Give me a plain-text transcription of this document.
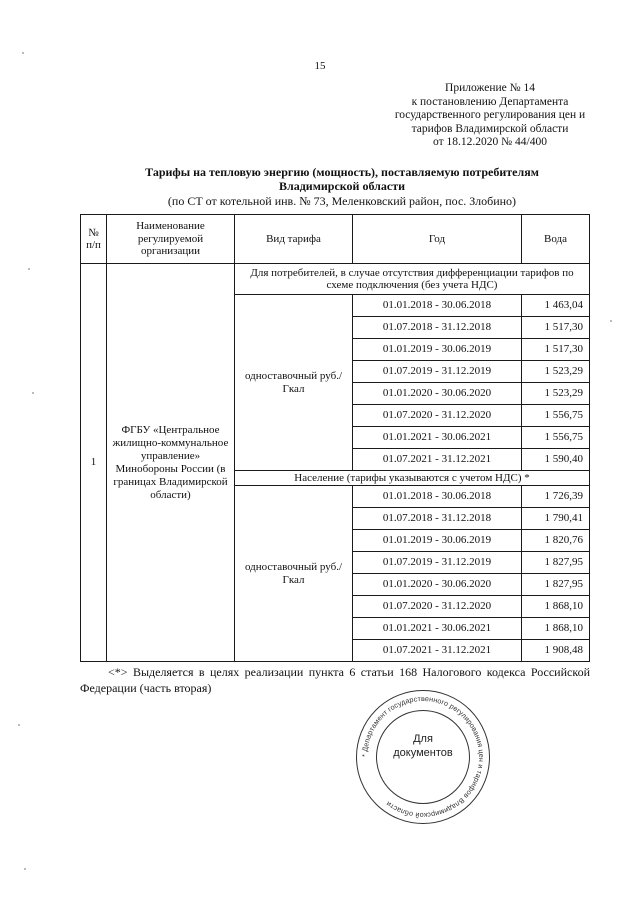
15
Приложение № 14
к постановлению Департамента
государственного регулирования цен и
тарифов Владимирской области
от 18.12.2020 № 44/400
Тарифы на тепловую энергию (мощность), поставляемую потребителям
Владимирской области
(по СТ от котельной инв. № 73, Меленковский район, пос. Злобино)
№ п/п	Наименование регулируемой организации	Вид тарифа	Год	Вода
1	ФГБУ «Центральное жилищно-коммунальное управление» Минобороны России (в границах Владимирской области)	Для потребителей, в случае отсутствия дифференциации тарифов по схеме подключения (без учета НДС)		
		одноставочный руб./Гкал	01.01.2018 - 30.06.2018	1 463,04
			01.07.2018 - 31.12.2018	1 517,30
			01.01.2019 - 30.06.2019	1 517,30
			01.07.2019 - 31.12.2019	1 523,29
			01.01.2020 - 30.06.2020	1 523,29
			01.07.2020 - 31.12.2020	1 556,75
			01.01.2021 - 30.06.2021	1 556,75
			01.07.2021 - 31.12.2021	1 590,40
		Население (тарифы указываются с учетом НДС) *		
		одноставочный руб./Гкал	01.01.2018 - 30.06.2018	1 726,39
			01.07.2018 - 31.12.2018	1 790,41
			01.01.2019 - 30.06.2019	1 820,76
			01.07.2019 - 31.12.2019	1 827,95
			01.01.2020 - 30.06.2020	1 827,95
			01.07.2020 - 31.12.2020	1 868,10
			01.01.2021 - 30.06.2021	1 868,10
			01.07.2021 - 31.12.2021	1 908,48
<*> Выделяется в целях реализации пункта 6 статьи 168 Налогового кодекса Российской Федерации (часть вторая)
* Департамент государственного регулирования цен и тарифов Владимирской области
Для
документов
